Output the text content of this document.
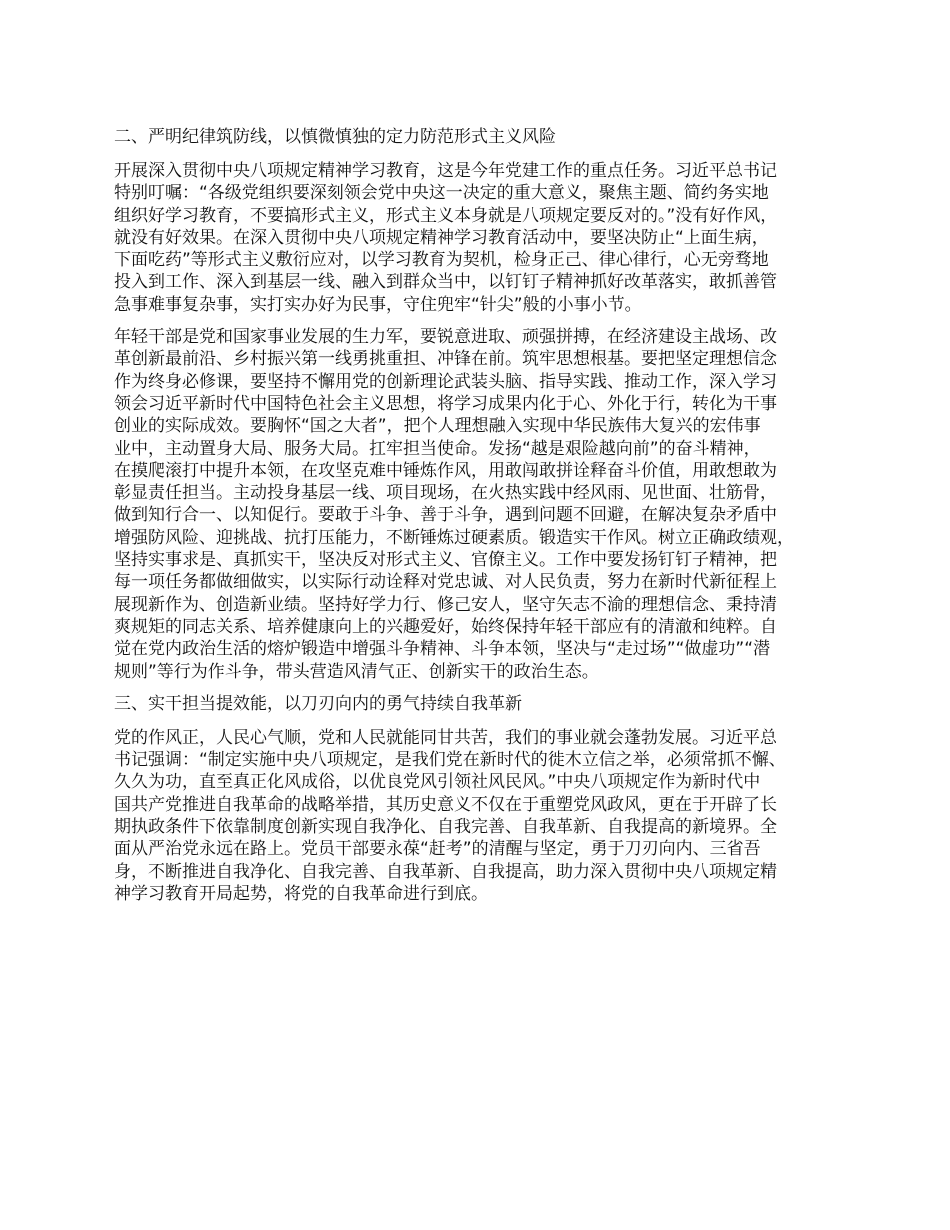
二、严明纪律筑防线，以慎微慎独的定力防范形式主义风险
开展深入贯彻中央八项规定精神学习教育，这是今年党建工作的重点任务。习近平总书记
特别叮嘱：“各级党组织要深刻领会党中央这一决定的重大意义，聚焦主题、简约务实地
组织好学习教育，不要搞形式主义，形式主义本身就是八项规定要反对的。”没有好作风，
就没有好效果。在深入贯彻中央八项规定精神学习教育活动中，要坚决防止“上面生病，
下面吃药”等形式主义敷衍应对，以学习教育为契机，检身正己、律心律行，心无旁骛地
投入到工作、深入到基层一线、融入到群众当中，以钉钉子精神抓好改革落实，敢抓善管
急事难事复杂事，实打实办好为民事，守住兜牢“针尖”般的小事小节。
年轻干部是党和国家事业发展的生力军，要锐意进取、顽强拼搏，在经济建设主战场、改
革创新最前沿、乡村振兴第一线勇挑重担、冲锋在前。筑牢思想根基。要把坚定理想信念
作为终身必修课，要坚持不懈用党的创新理论武装头脑、指导实践、推动工作，深入学习
领会习近平新时代中国特色社会主义思想，将学习成果内化于心、外化于行，转化为干事
创业的实际成效。要胸怀“国之大者”，把个人理想融入实现中华民族伟大复兴的宏伟事
业中，主动置身大局、服务大局。扛牢担当使命。发扬“越是艰险越向前”的奋斗精神，
在摸爬滚打中提升本领，在攻坚克难中锤炼作风，用敢闯敢拼诠释奋斗价值，用敢想敢为
彰显责任担当。主动投身基层一线、项目现场，在火热实践中经风雨、见世面、壮筋骨，
做到知行合一、以知促行。要敢于斗争、善于斗争，遇到问题不回避，在解决复杂矛盾中
增强防风险、迎挑战、抗打压能力，不断锤炼过硬素质。锻造实干作风。树立正确政绩观，
坚持实事求是、真抓实干，坚决反对形式主义、官僚主义。工作中要发扬钉钉子精神，把
每一项任务都做细做实，以实际行动诠释对党忠诚、对人民负责，努力在新时代新征程上
展现新作为、创造新业绩。坚持好学力行、修己安人，坚守矢志不渝的理想信念、秉持清
爽规矩的同志关系、培养健康向上的兴趣爱好，始终保持年轻干部应有的清澈和纯粹。自
觉在党内政治生活的熔炉锻造中增强斗争精神、斗争本领，坚决与“走过场”“做虚功”“潜
规则”等行为作斗争，带头营造风清气正、创新实干的政治生态。
三、实干担当提效能，以刀刃向内的勇气持续自我革新
党的作风正，人民心气顺，党和人民就能同甘共苦，我们的事业就会蓬勃发展。习近平总
书记强调：“制定实施中央八项规定，是我们党在新时代的徙木立信之举，必须常抓不懈、
久久为功，直至真正化风成俗，以优良党风引领社风民风。”中央八项规定作为新时代中
国共产党推进自我革命的战略举措，其历史意义不仅在于重塑党风政风，更在于开辟了长
期执政条件下依靠制度创新实现自我净化、自我完善、自我革新、自我提高的新境界。全
面从严治党永远在路上。党员干部要永葆“赶考”的清醒与坚定，勇于刀刃向内、三省吾
身，不断推进自我净化、自我完善、自我革新、自我提高，助力深入贯彻中央八项规定精
神学习教育开局起势，将党的自我革命进行到底。
